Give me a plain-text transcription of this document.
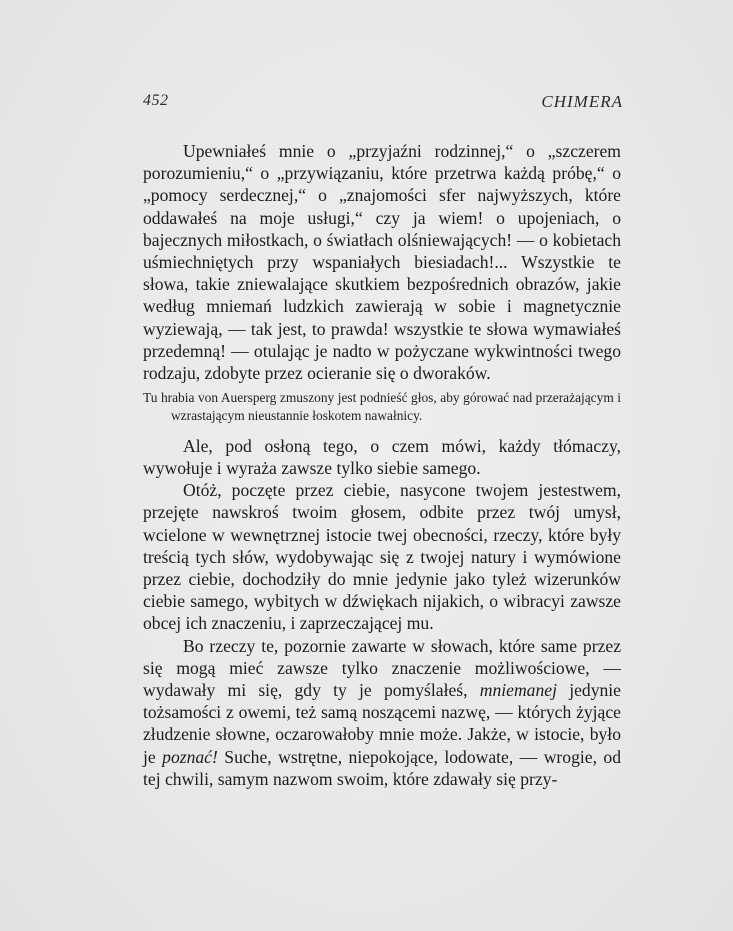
452	CHIMERA

Upewniałeś mnie o „przyjaźni rodzinnej,“ o „szczerem porozumieniu,“ o „przywiązaniu, które przetrwa każdą próbę,“ o „pomocy serdecznej,“ o „znajomości sfer najwyższych, które oddawałeś na moje usługi,“ czy ja wiem! o upojeniach, o bajecznych miłostkach, o światłach olśniewających! — o kobietach uśmiechniętych przy wspaniałych biesiadach!... Wszystkie te słowa, takie zniewalające skutkiem bezpośrednich obrazów, jakie według mniemań ludzkich zawierają w sobie i magnetycznie wyziewają, — tak jest, to prawda! wszystkie te słowa wymawiałeś przedemną! — otulając je nadto w pożyczane wykwintności twego rodzaju, zdobyte przez ocieranie się o dworaków.

Tu hrabia von Auersperg zmuszony jest podnieść głos, aby górować nad przerażającym i wzrastającym nieustannie łoskotem nawałnicy.

Ale, pod osłoną tego, o czem mówi, każdy tłómaczy, wywołuje i wyraża zawsze tylko siebie samego.

Otóż, poczęte przez ciebie, nasycone twojem jestestwem, przejęte nawskroś twoim głosem, odbite przez twój umysł, wcielone w wewnętrznej istocie twej obecności, rzeczy, które były treścią tych słów, wydobywając się z twojej natury i wymówione przez ciebie, dochodziły do mnie jedynie jako tyleż wizerunków ciebie samego, wybitych w dźwiękach nijakich, o wibracyi zawsze obcej ich znaczeniu, i zaprzeczającej mu.

Bo rzeczy te, pozornie zawarte w słowach, które same przez się mogą mieć zawsze tylko znaczenie możliwościowe, — wydawały mi się, gdy ty je pomyślałeś, mniemanej jedynie tożsamości z owemi, też samą noszącemi nazwę, — których żyjące złudzenie słowne, oczarowałoby mnie może. Jakże, w istocie, było je poznać! Suche, wstrętne, niepokojące, lodowate, — wrogie, od tej chwili, samym nazwom swoim, które zdawały się przy-
